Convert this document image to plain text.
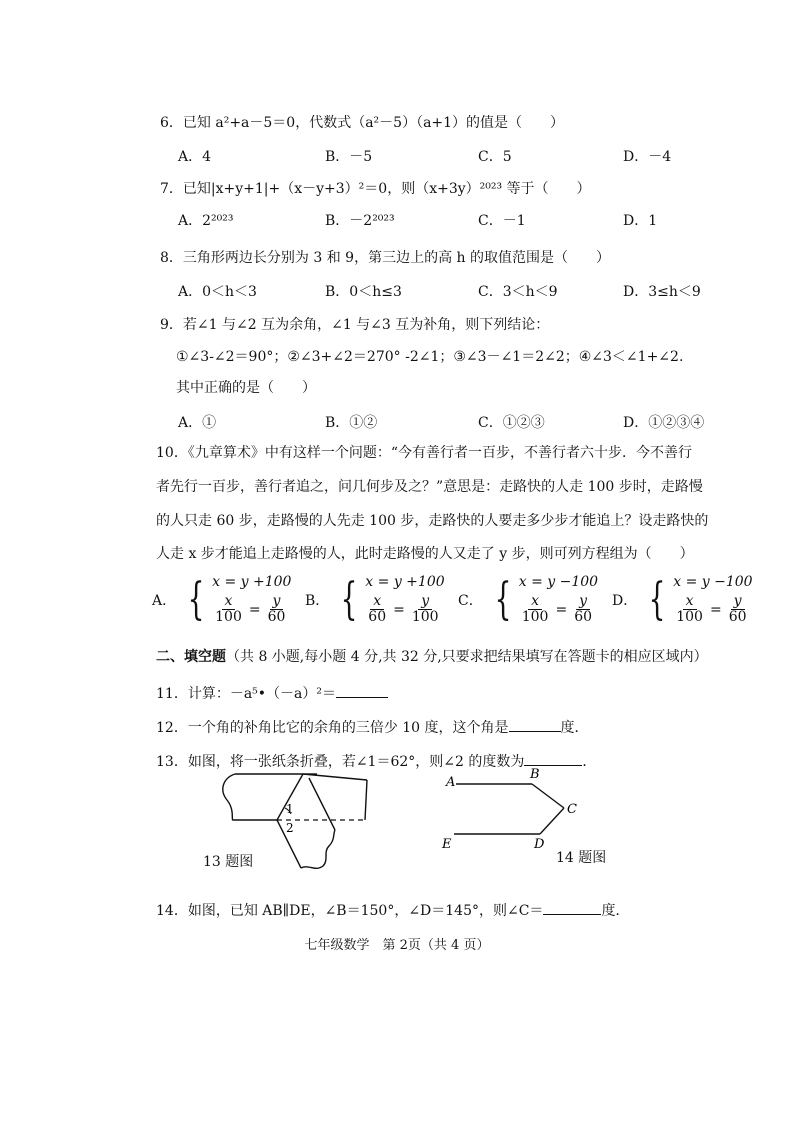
6．已知 a²+a－5＝0，代数式（a²－5）（a+1）的值是（　　）
A．4	B．－5	C．5	D．－4
7．已知|x+y+1|+（x－y+3）²＝0，则（x+3y）²⁰²³ 等于（　　）
A．2²⁰²³	B．－2²⁰²³	C．－1	D．1
8．三角形两边长分别为 3 和 9，第三边上的高 h 的取值范围是（　　）
A．0＜h＜3	B．0＜h≤3	C．3＜h＜9	D．3≤h＜9
9．若∠1 与∠2 互为余角，∠1 与∠3 互为补角，则下列结论：
①∠3-∠2＝90°；②∠3+∠2＝270° -2∠1；③∠3－∠1＝2∠2；④∠3＜∠1+∠2.
其中正确的是（　　）
A．①	B．①②	C．①②③	D．①②③④
10．《九章算术》中有这样一个问题：“今有善行者一百步，不善行者六十步．今不善行
者先行一百步，善行者追之，问几何步及之？”意思是：走路快的人走 100 步时，走路慢
的人只走 60 步，走路慢的人先走 100 步，走路快的人要走多少步才能追上？设走路快的
人走 x 步才能追上走路慢的人，此时走路慢的人又走了 y 步，则可列方程组为（　　）
A． { x = y +100
$\frac{x}{100} = \frac{y}{60}$ B． { x = y +100
$\frac{x}{60} = \frac{y}{100}$ C． { x = y −100
$\frac{x}{100} = \frac{y}{60}$ D． { x = y −100
$\frac{x}{100} = \frac{y}{60}$
二、填空题（共 8 小题,每小题 4 分,共 32 分,只要求把结果填写在答题卡的相应区域内）
11．计算：－a⁵•（－a）²＝
12．一个角的补角比它的余角的三倍少 10 度，这个角是	度．
13．如图，将一张纸条折叠，若∠1＝62°，则∠2 的度数为	．
1
2
13 题图
A
B
C
D
E
14 题图
14．如图，已知 AB∥DE，∠B＝150°，∠D＝145°，则∠C＝	度.
七年级数学　第 2页（共 4 页）
